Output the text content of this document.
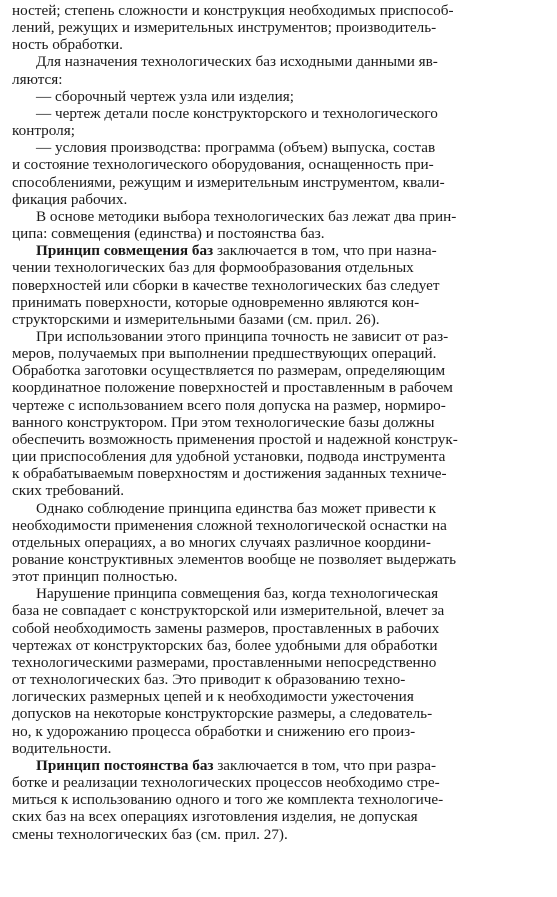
ностей; степень сложности и конструкция необходимых приспособ-
лений, режущих и измерительных инструментов; производитель-
ность обработки.

Для назначения технологических баз исходными данными яв-
ляются:

— сборочный чертеж узла или изделия;

— чертеж детали после конструкторского и технологического
контроля;

— условия производства: программа (объем) выпуска, состав
и состояние технологического оборудования, оснащенность при-
способлениями, режущим и измерительным инструментом, квали-
фикация рабочих.

В основе методики выбора технологических баз лежат два прин-
ципа: совмещения (единства) и постоянства баз.

Принцип совмещения баз заключается в том, что при назна-
чении технологических баз для формообразования отдельных
поверхностей или сборки в качестве технологических баз следует
принимать поверхности, которые одновременно являются кон-
структорскими и измерительными базами (см. прил. 26).

При использовании этого принципа точность не зависит от раз-
меров, получаемых при выполнении предшествующих операций.

Обработка заготовки осуществляется по размерам, определяющим
координатное положение поверхностей и проставленным в рабочем
чертеже с использованием всего поля допуска на размер, нормиро-
ванного конструктором. При этом технологические базы должны
обеспечить возможность применения простой и надежной конструк-
ции приспособления для удобной установки, подвода инструмента
к обрабатываемым поверхностям и достижения заданных техниче-
ских требований.

Однако соблюдение принципа единства баз может привести к
необходимости применения сложной технологической оснастки на
отдельных операциях, а во многих случаях различное координи-
рование конструктивных элементов вообще не позволяет выдержать
этот принцип полностью.

Нарушение принципа совмещения баз, когда технологическая
база не совпадает с конструкторской или измерительной, влечет за
собой необходимость замены размеров, проставленных в рабочих
чертежах от конструкторских баз, более удобными для обработки
технологическими размерами, проставленными непосредственно
от технологических баз. Это приводит к образованию техно-
логических размерных цепей и к необходимости ужесточения
допусков на некоторые конструкторские размеры, а следователь-
но, к удорожанию процесса обработки и снижению его произ-
водительности.

Принцип постоянства баз заключается в том, что при разра-
ботке и реализации технологических процессов необходимо стре-
миться к использованию одного и того же комплекта технологиче-
ских баз на всех операциях изготовления изделия, не допуская
смены технологических баз (см. прил. 27).
